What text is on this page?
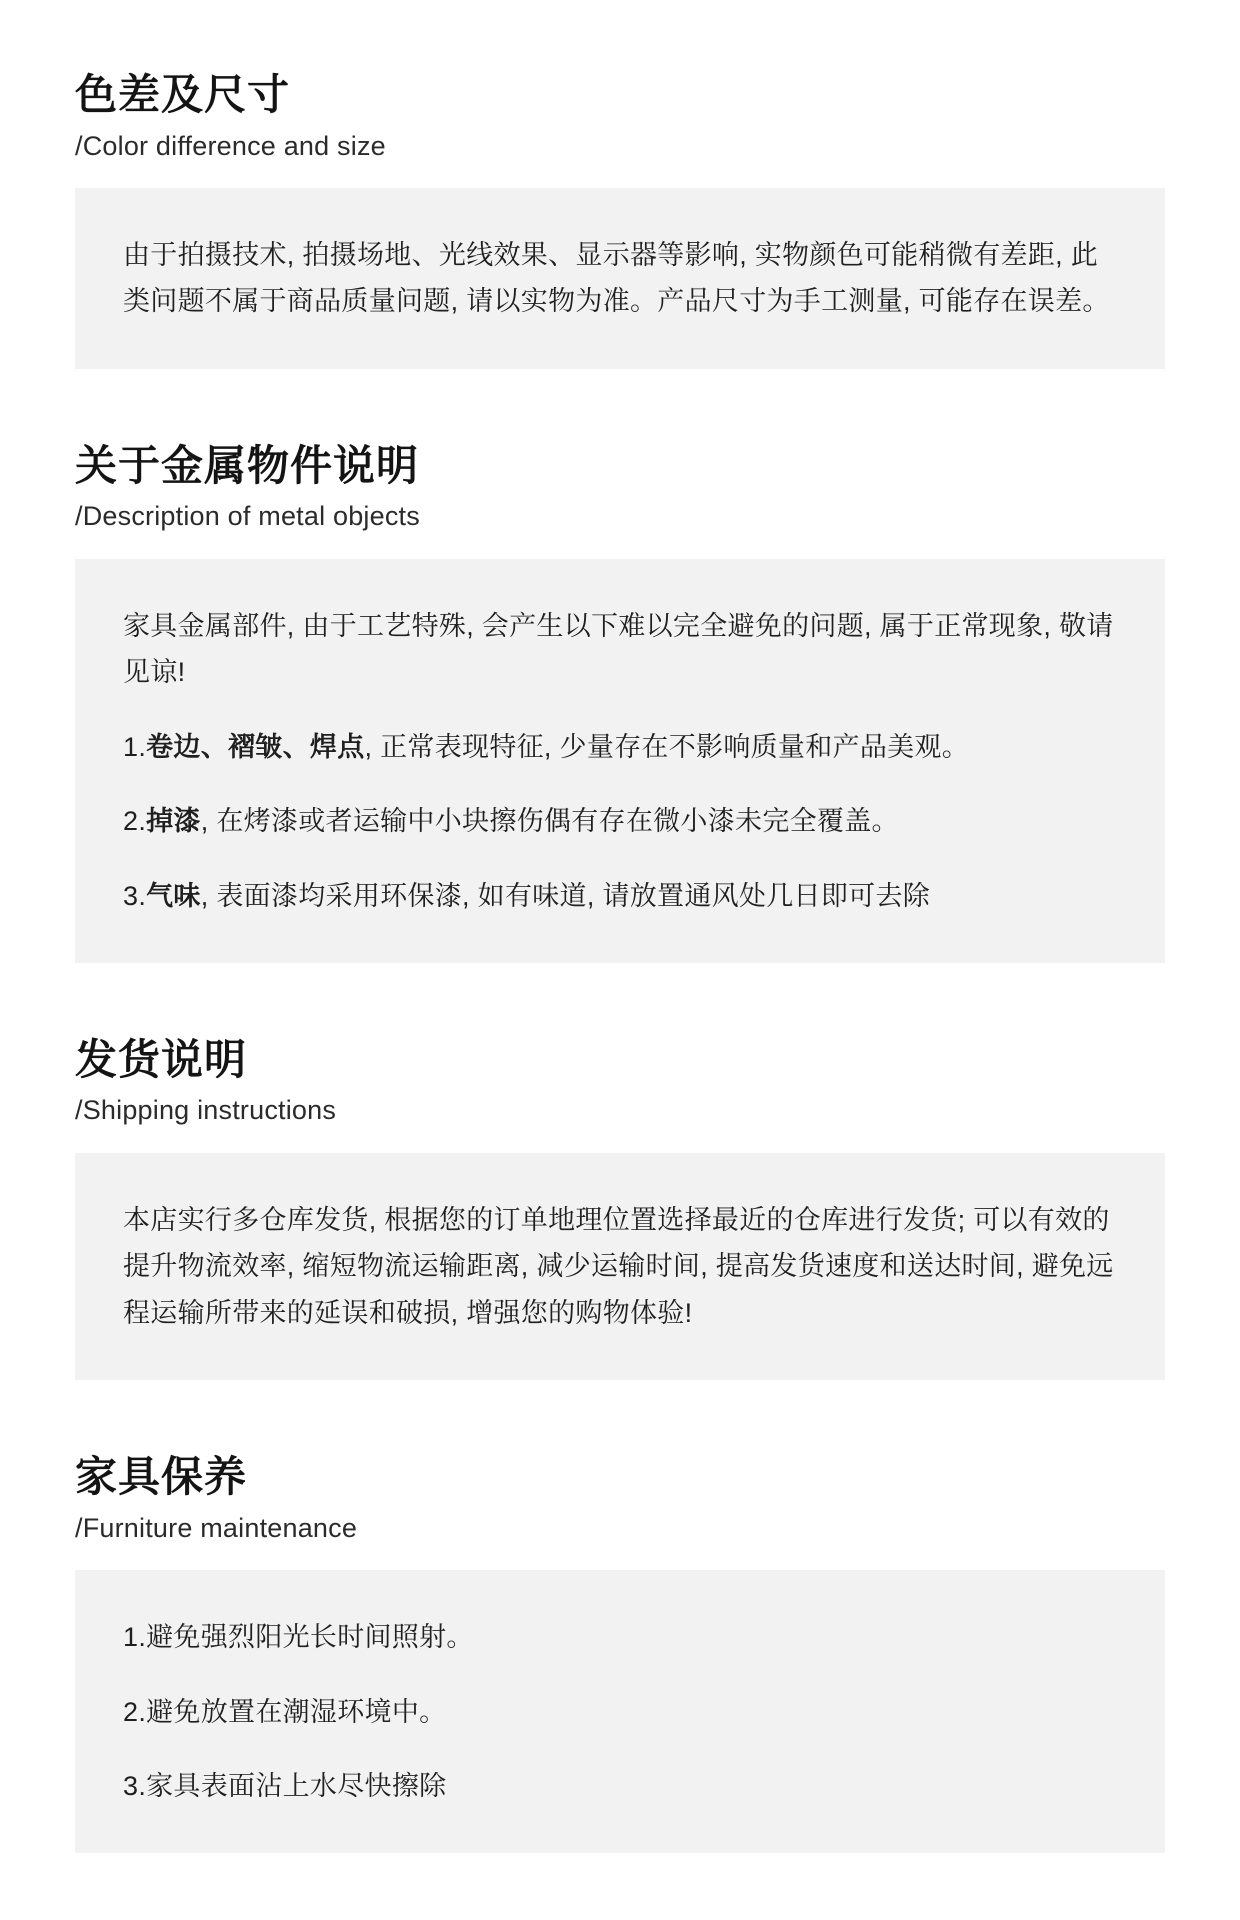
色差及尺寸
/Color difference and size

由于拍摄技术, 拍摄场地、光线效果、显示器等影响, 实物颜色可能稍微有差距, 此类问题不属于商品质量问题, 请以实物为准。产品尺寸为手工测量, 可能存在误差。

关于金属物件说明
/Description of metal objects

家具金属部件, 由于工艺特殊, 会产生以下难以完全避免的问题, 属于正常现象, 敬请见谅!

1.卷边、褶皱、焊点, 正常表现特征, 少量存在不影响质量和产品美观。

2.掉漆, 在烤漆或者运输中小块擦伤偶有存在微小漆未完全覆盖。

3.气味, 表面漆均采用环保漆, 如有味道, 请放置通风处几日即可去除

发货说明
/Shipping instructions

本店实行多仓库发货, 根据您的订单地理位置选择最近的仓库进行发货; 可以有效的提升物流效率, 缩短物流运输距离, 减少运输时间, 提高发货速度和送达时间, 避免远程运输所带来的延误和破损, 增强您的购物体验!

家具保养
/Furniture maintenance

1.避免强烈阳光长时间照射。

2.避免放置在潮湿环境中。

3.家具表面沾上水尽快擦除
